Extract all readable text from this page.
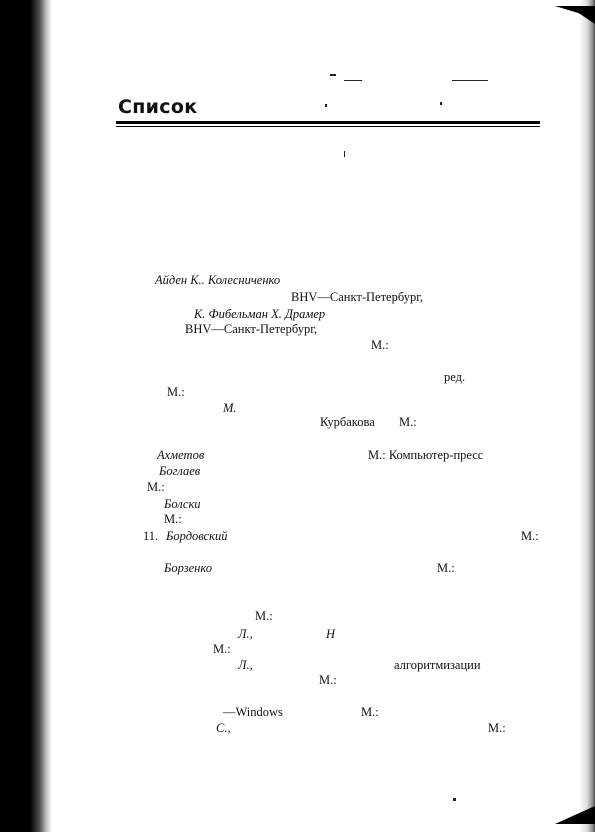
Список
Айден К.. Колесниченко
BHV—Санкт-Петербург,
К. Фибельман Х. Драмер
BHV—Санкт-Петербург,
М.:
ред.
М.:
М.
Курбакова М.:
Ахметов	М.: Компьютер-пресс
Боглаев
М.:
Болски
М.:
11. Бордовский	М.:
Борзенко	М.:
М.:
Л.,	Н
М.:
Л.,	алгоритмизации
М.:
—Windows	М.:
С.,	М.:
